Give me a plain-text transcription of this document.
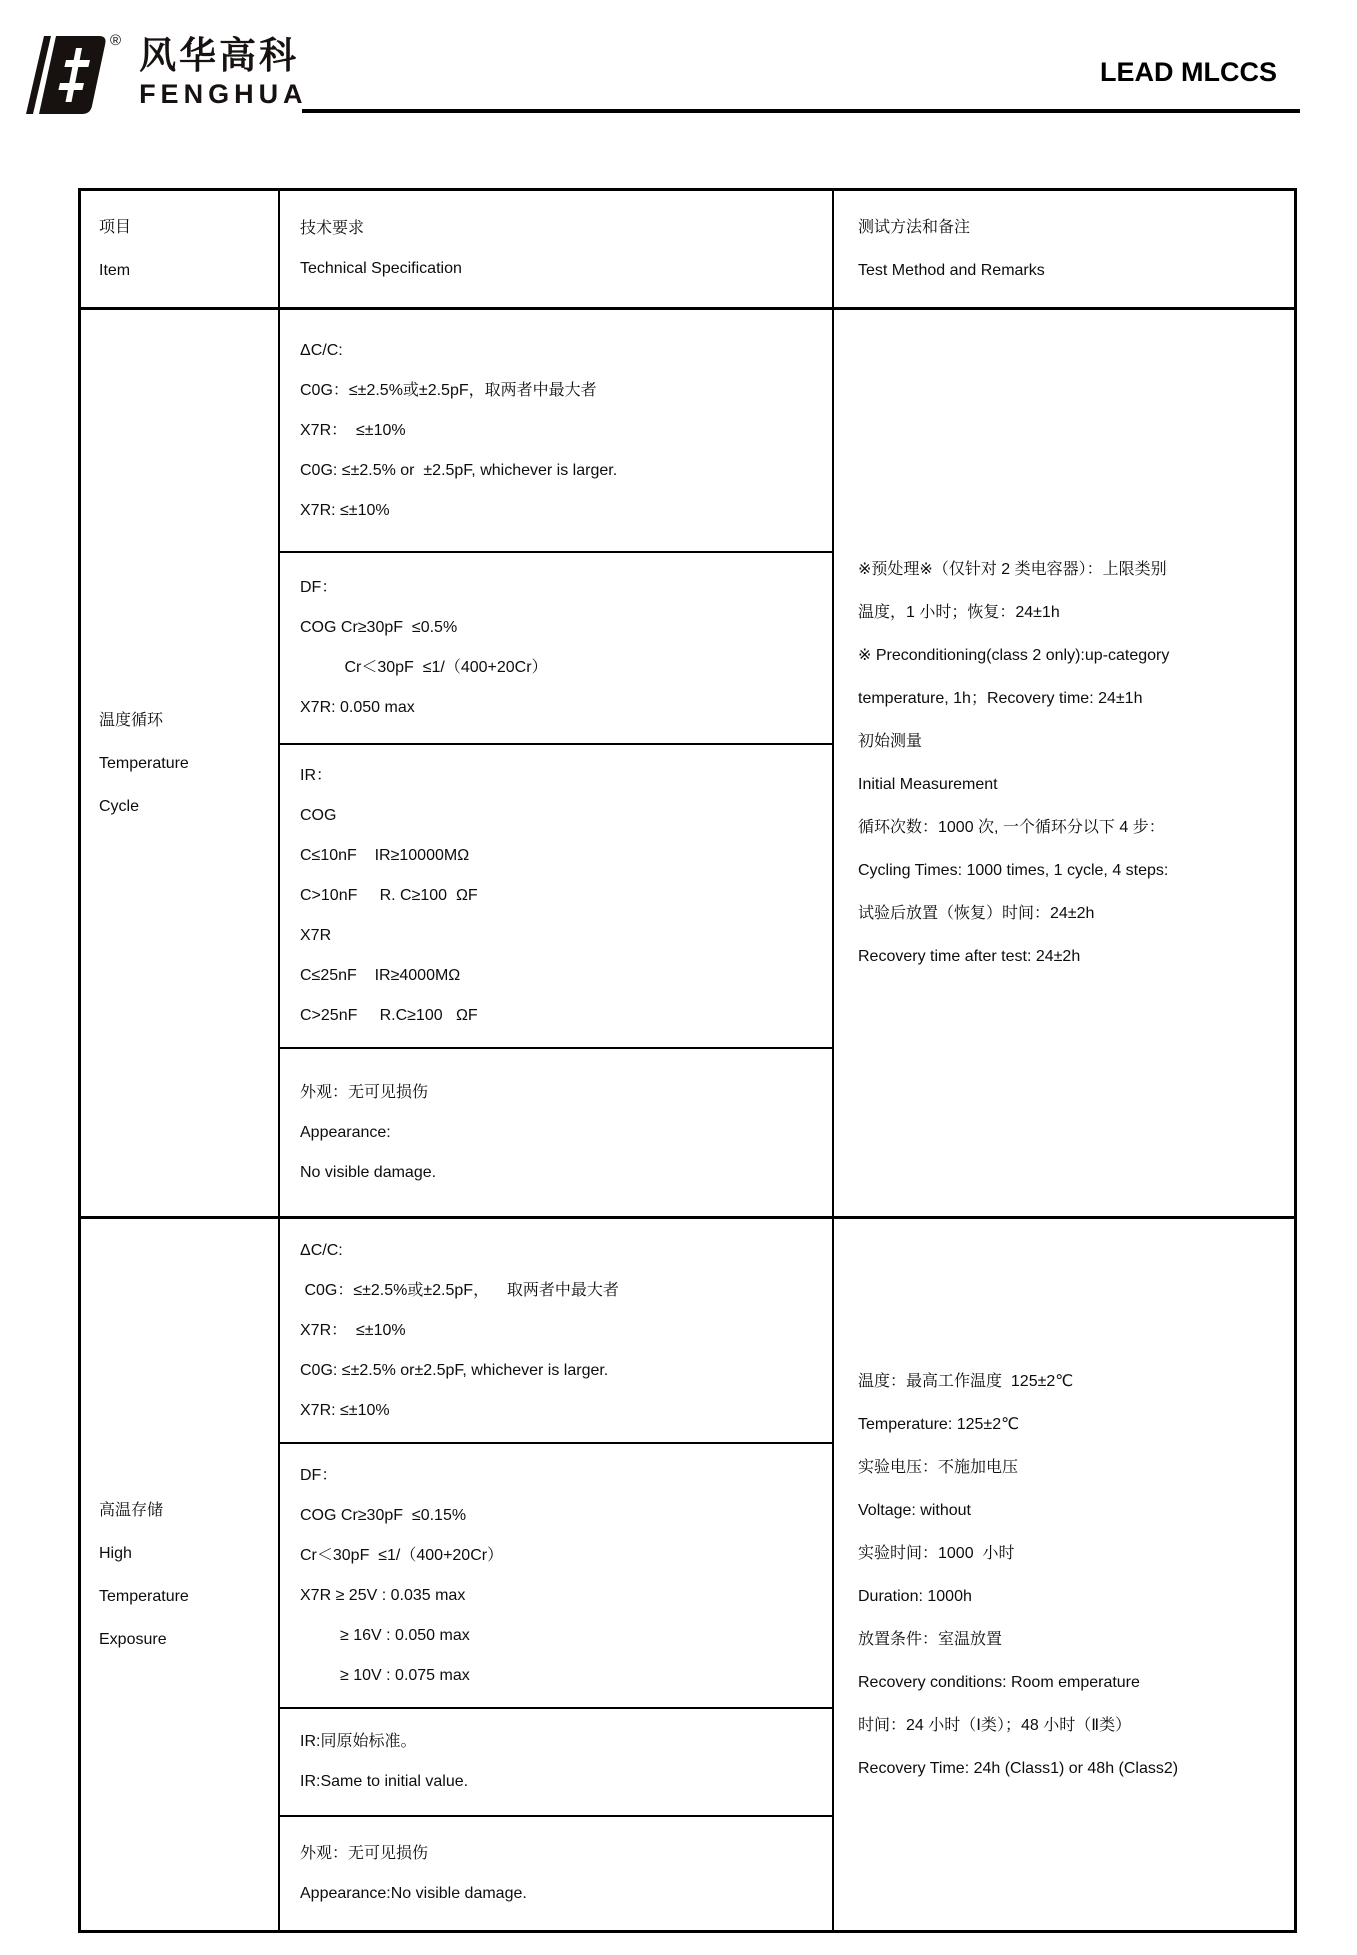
® 风华高科
FENGHUA
LEAD MLCCS
项目
Item
技术要求
Technical Specification
测试方法和备注
Test Method and Remarks
温度循环
Temperature
Cycle
ΔC/C:
C0G：≤±2.5%或±2.5pF，取两者中最大者
X7R：  ≤±10%
C0G: ≤±2.5% or  ±2.5pF, whichever is larger.
X7R: ≤±10%
DF：
COG Cr≥30pF  ≤0.5%
Cr＜30pF  ≤1/（400+20Cr）
X7R: 0.050 max
IR：
COG
C≤10nF    IR≥10000MΩ
C>10nF     R. C≥100  ΩF
X7R
C≤25nF    IR≥4000MΩ
C>25nF     R.C≥100   ΩF
外观：无可见损伤
Appearance:
No visible damage.
※预处理※（仅针对 2 类电容器）：上限类别
温度，1 小时；恢复：24±1h
※ Preconditioning(class 2 only):up-category
temperature, 1h；Recovery time: 24±1h
初始测量
Initial Measurement
循环次数：1000 次, 一个循环分以下 4 步：
Cycling Times: 1000 times, 1 cycle, 4 steps:
试验后放置（恢复）时间：24±2h
Recovery time after test: 24±2h
高温存储
High
Temperature
Exposure
ΔC/C:
C0G：≤±2.5%或±2.5pF，    取两者中最大者
X7R：  ≤±10%
C0G: ≤±2.5% or±2.5pF, whichever is larger.
X7R: ≤±10%
DF：
COG Cr≥30pF  ≤0.15%
Cr＜30pF  ≤1/（400+20Cr）
X7R ≥ 25V : 0.035 max
≥ 16V : 0.050 max
≥ 10V : 0.075 max
IR:同原始标准。
IR:Same to initial value.
外观：无可见损伤
Appearance:No visible damage.
温度：最高工作温度  125±2℃
Temperature: 125±2℃
实验电压：不施加电压
Voltage: without
实验时间：1000  小时
Duration: 1000h
放置条件：室温放置
Recovery conditions: Room emperature
时间：24 小时（Ⅰ类）；48 小时（Ⅱ类）
Recovery Time: 24h (Class1) or 48h (Class2)
